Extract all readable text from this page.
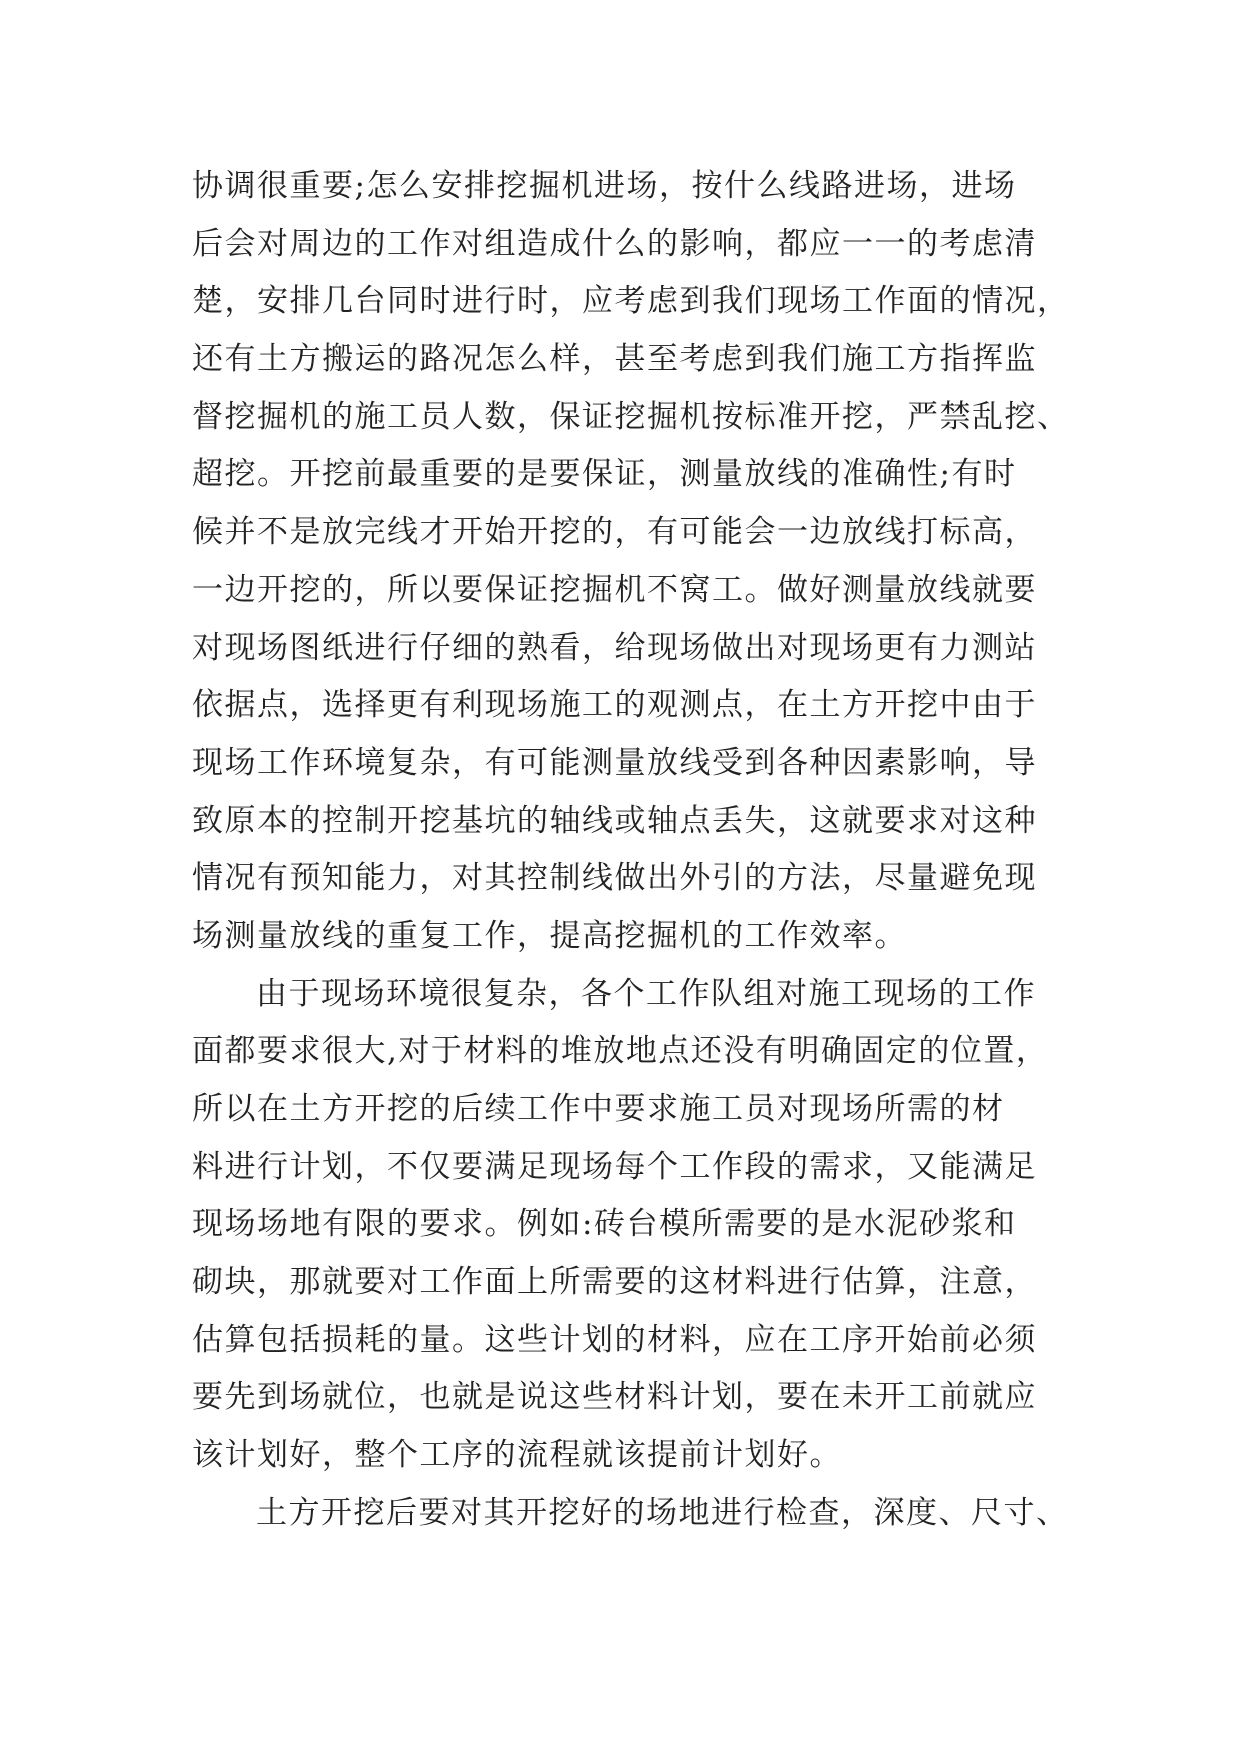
协调很重要;怎么安排挖掘机进场，按什么线路进场，进场
后会对周边的工作对组造成什么的影响，都应一一的考虑清
楚，安排几台同时进行时，应考虑到我们现场工作面的情况，
还有土方搬运的路况怎么样，甚至考虑到我们施工方指挥监
督挖掘机的施工员人数，保证挖掘机按标准开挖，严禁乱挖、
超挖。开挖前最重要的是要保证，测量放线的准确性;有时
候并不是放完线才开始开挖的，有可能会一边放线打标高，
一边开挖的，所以要保证挖掘机不窝工。做好测量放线就要
对现场图纸进行仔细的熟看，给现场做出对现场更有力测站
依据点，选择更有利现场施工的观测点，在土方开挖中由于
现场工作环境复杂，有可能测量放线受到各种因素影响，导
致原本的控制开挖基坑的轴线或轴点丢失，这就要求对这种
情况有预知能力，对其控制线做出外引的方法，尽量避免现
场测量放线的重复工作，提高挖掘机的工作效率。
由于现场环境很复杂，各个工作队组对施工现场的工作
面都要求很大,对于材料的堆放地点还没有明确固定的位置，
所以在土方开挖的后续工作中要求施工员对现场所需的材
料进行计划，不仅要满足现场每个工作段的需求，又能满足
现场场地有限的要求。例如:砖台模所需要的是水泥砂浆和
砌块，那就要对工作面上所需要的这材料进行估算，注意，
估算包括损耗的量。这些计划的材料，应在工序开始前必须
要先到场就位，也就是说这些材料计划，要在未开工前就应
该计划好，整个工序的流程就该提前计划好。
土方开挖后要对其开挖好的场地进行检查，深度、尺寸、
